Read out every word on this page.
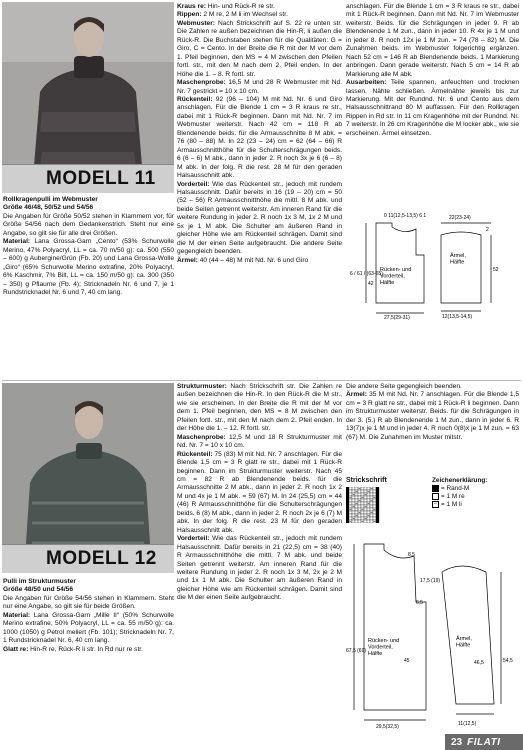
MODELL 11

Rollkragenpulli im Webmuster

Größe 46/48, 50/52 und 54/56

Die Angaben für Größe 50/52 stehen in Klammern vor, für Größe 54/56 nach dem Gedankenstrich. Steht nur eine Angabe, so gilt sie für alle drei Größen.

Material: Lana Grossa-Garn „Cento“ (53% Schurwolle Merino, 47% Polyacryl, LL = ca. 70 m/50 g): ca. 500 (550 – 600) g Aubergine/Grün (Fb. 20) und Lana Grossa-Wolle „Giro“ (65% Schurwolle Merino extrafine, 20% Polyacryl, 6% Kaschmir, 7% Bilt, LL = ca. 150 m/50 g): ca. 300 (350 – 350) g Pflaume (Fb. 4); Stricknadeln Nr. 6 und 7, je 1 Rundstricknadel Nr. 6 und 7, 40 cm lang.

Kraus re: Hin- und Rück-R re str.

Rippen: 2 M re, 2 M li im Wechsel str.

Webmuster: Nach Strickschrift auf S. 22 re unten str. Die Zahlen re außen bezeichnen die Hin-R, li außen die Rück-R. Die Buchstaben stehen für die Qualitäten: G = Giro, C = Cento. In der Breite die R mit der M vor dem 1. Pfeil beginnen, den MS = 4 M zwischen den Pfeilen fortl. str., mit den M nach dem 2. Pfeil enden. In der Höhe die 1. – 8. R fortl. str.

Maschenprobe: 16,5 M und 28 R Webmuster mit Nd. Nr. 7 gestrickt = 10 x 10 cm.

Rückenteil: 92 (96 – 104) M mit Nd. Nr. 6 und Giro anschlagen. Für die Blende 1 cm = 3 R kraus re str., dabei mit 1 Rück-R beginnen. Dann mit Nd. Nr. 7 im Webmuster weiterstr. Nach 42 cm = 118 R ab Blendenende beids. für die Armausschnitte 8 M abk. = 76 (80 – 88) M. In 22 (23 – 24) cm = 62 (64 – 66) R Armausschnitthöhe für die Schulterschrägungen beids. 6 (6 – 6) M abk., dann in jeder 2. R noch 3x je 6 (6 – 8) M abk. In der folg. R die rest. 28 M für den geraden Halsausschnitt abk.

Vorderteil: Wie das Rückenteil str., jedoch mit rundem Halsausschnitt. Dafür bereits in 16 (19 – 20) cm = 50 (52 – 56) R Armausschnitthöhe die mittl. 8 M abk. und beide Seiten getrennt weiterstr. Am inneren Rand für die weitere Rundung in jeder 2. R noch 1x 3 M, 1x 2 M und 5x je 1 M abk. Die Schulter am äußeren Rand in gleicher Höhe wie am Rückenteil schrägen. Damit sind die M der einen Seite aufgebraucht. Die andere Seite gegengleich beenden.

Ärmel: 40 (44 – 48) M mit Nd. Nr. 6 und Giro

anschlagen. Für die Blende 1 cm = 3 R kraus re str., dabei mit 1 Rück-R beginnen. Dann mit Nd. Nr. 7 im Webmuster weiterstr. Beids. für die Schrägungen in jeder 9. R ab Blendenende 1 M zun., dann in jeder 10. R 4x je 1 M und in jeder 8. R noch 12x je 1 M zun. = 74 (78 – 82) M. Die Zunahmen beids. im Webmuster folgerichtig ergänzen. Nach 52 cm = 146 R ab Blendenende beids. 1 Markierung anbringen. Dann gerade weiterstr. Nach 5 cm = 14 R ab Markierung alle M abk.

Ausarbeiten: Teile spannen, anfeuchten und trocknen lassen. Nähte schließen. Ärmelnähte jeweils bis zur Markierung. Mit der Rundnd. Nr. 6 und Cento aus dem Halsausschnittrand 80 M auffassen. Für den Rollkragen Rippen in Rd str. In 11 cm Kragenhöhe mit der Rundnd. Nr. 7 weiterstr. In 26 cm Kragenhöhe die M locker abk., wie sie erscheinen. Ärmel einsetzen.

0 11(12,5-13,5) 6 1	22(23-24)
Ärmel, Hälfte
Rücken- und Vorderteil, Hälfte
6 / 61 / (63-65)
42
52
2
27,5(29-31)	12(13,5-14,5)
MODELL 12

Pulli im Strukturmuster

Größe 48/50 und 54/56

Die Angaben für Größe 54/56 stehen in Klammern. Steht nur eine Angabe, so gilt sie für beide Größen.

Material: Lana Grossa-Garn „Mille II“ (50% Schurwolle Merino extrafine, 50% Polyacryl, LL = ca. 55 m/50 g): ca. 1000 (1050) g Petrol meliert (Fb. 101); Stricknadeln Nr. 7, 1 Rundstricknadel Nr. 6, 40 cm lang.

Glatt re: Hin-R re, Rück-R li str. In Rd nur re str.

Strukturmuster: Nach Strickschrift str. Die Zahlen re außen bezeichnen die Hin-R. In den Rück-R die M str., wie sie erscheinen. In der Breite die R mit der M vor dem 1. Pfeil beginnen, den MS = 8 M zwischen den Pfeilen fortl. str., mit den M nach dem 2. Pfeil enden. In der Höhe die 1. – 12. R fortl. str.

Maschenprobe: 12,5 M und 18 R Strukturmuster mit Nd. Nr. 7 = 10 x 10 cm.

Rückenteil: 75 (83) M mit Nd. Nr. 7 anschlagen. Für die Blende 1,5 cm = 3 R glatt re str., dabei mit 1 Rück-R beginnen. Dann im Strukturmuster weiterstr. Nach 45 cm = 82 R ab Blendenende beids. für die Armausschnitte 2 M abk., dann in jeder 2. R noch 1x 2 M und 4x je 1 M abk. = 59 (67) M. In 24 (25,5) cm = 44 (46) R Armausschnitthöhe für die Schulterschrägungen beids. 6 (8) M abk., dann in jeder 2. R noch 2x je 6 (7) M abk. In der folg. R die rest. 23 M für den geraden Halsausschnitt abk.

Vorderteil: Wie das Rückenteil str., jedoch mit rundem Halsausschnitt. Dafür bereits in 21 (22,5) cm = 38 (40) R Armausschnitthöhe die mittl. 7 M abk. und beide Seiten getrennt weiterstr. Am inneren Rand für die weitere Rundung in jeder 2. R noch 1x 3 M, 2x je 2 M und 1x 1 M abk. Die Schulter am äußeren Rand in gleicher Höhe wie am Rückenteil schrägen. Damit sind die M der einen Seite aufgebraucht.

Die andere Seite gegengleich beenden.

Ärmel: 35 M mit Nd. Nr. 7 anschlagen. Für die Blende 1,5 cm = 3 R glatt re str., dabei mit 1 Rück-R li beginnen. Dann im Strukturmuster weiterstr. Beids. für die Schrägungen in der 3. (5.) R ab Blendenende 1 M zun., dann in jeder 6. R 13(7)x je 1 M und in jeder 4. R noch 0(8)x je 1 M zun. = 63 (67) M. Die Zunahmen im Muster mitstr.

Strickschrift	Zeichenerklärung:
= Rand-M
= 1 M re
– = 1 M li
Rücken- und Vorderteil, Hälfte
Ärmel, Hälfte
67,5 (69)
45	46,5	54,5
17,5 (19)
8,5
6,5
29,5(32,5)	11(12,5)
23 FILATI
